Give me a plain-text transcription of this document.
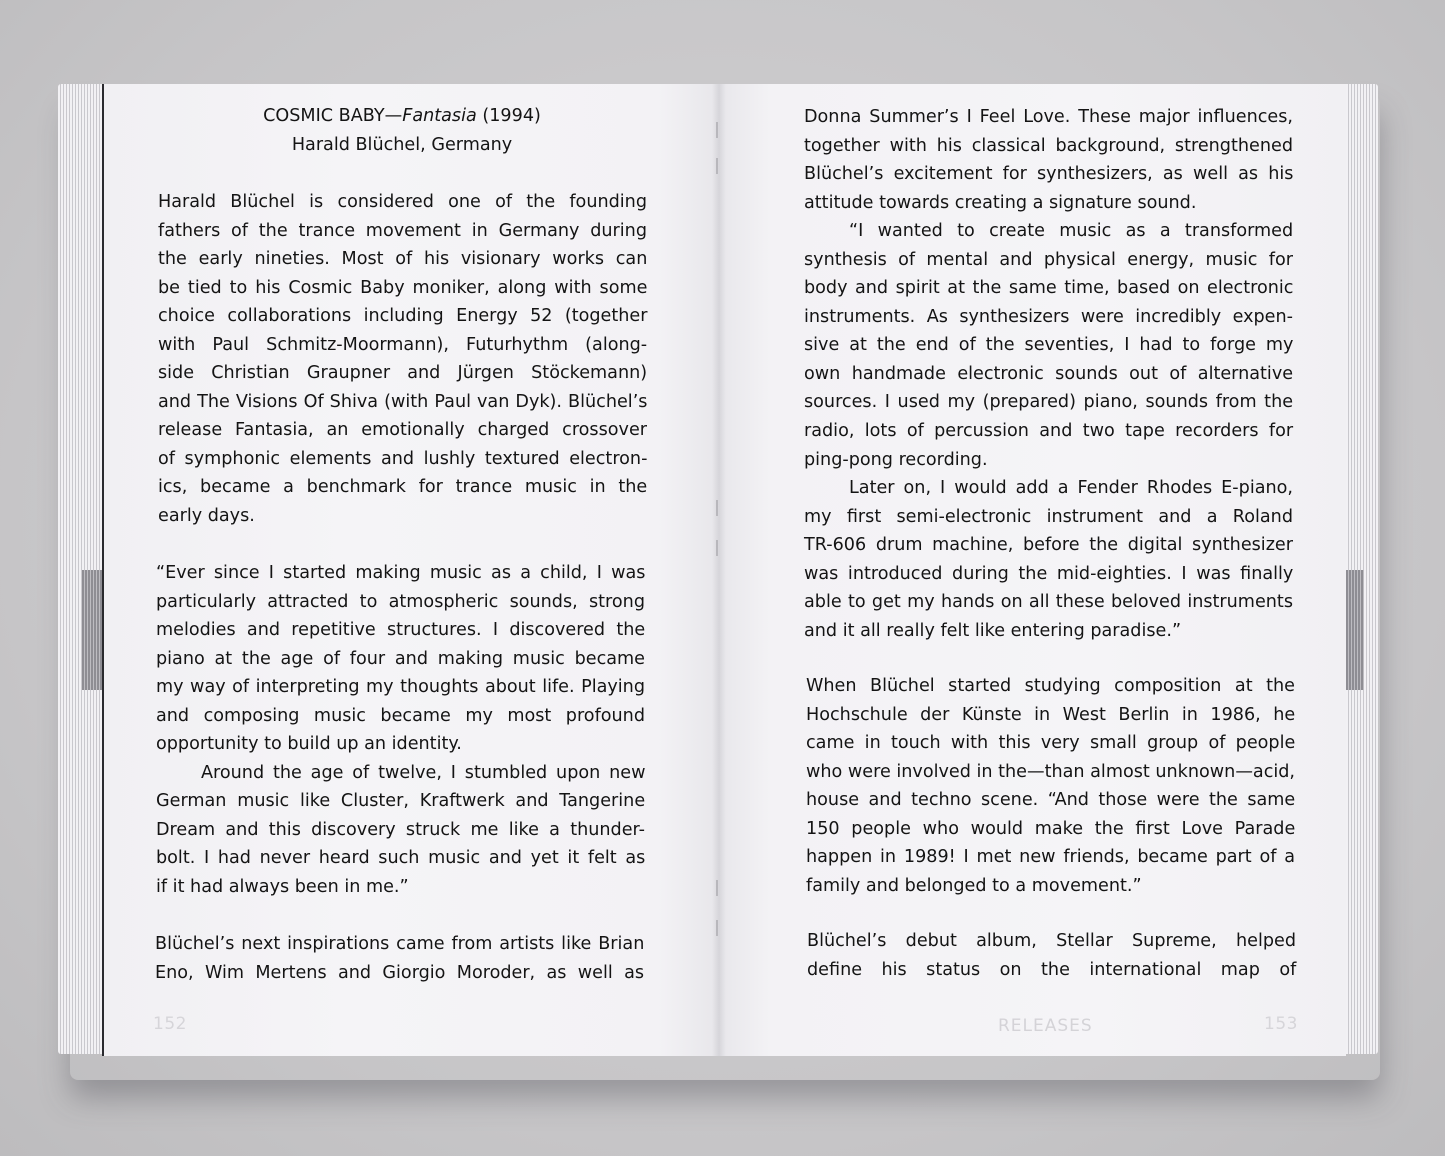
COSMIC BABY—Fantasia (1994)
Harald Blüchel, Germany
Harald Blüchel is considered one of the founding
fathers of the trance movement in Germany during
the early nineties. Most of his visionary works can
be tied to his Cosmic Baby moniker, along with some
choice collaborations including Energy 52 (together
with Paul Schmitz-Moormann), Futurhythm (along-
side Christian Graupner and Jürgen Stöckemann)
and The Visions Of Shiva (with Paul van Dyk). Blüchel’s
release Fantasia, an emotionally charged crossover
of symphonic elements and lushly textured electron-
ics, became a benchmark for trance music in the
early days.
“Ever since I started making music as a child, I was
particularly attracted to atmospheric sounds, strong
melodies and repetitive structures. I discovered the
piano at the age of four and making music became
my way of interpreting my thoughts about life. Playing
and composing music became my most profound
opportunity to build up an identity.
Around the age of twelve, I stumbled upon new
German music like Cluster, Kraftwerk and Tangerine
Dream and this discovery struck me like a thunder-
bolt. I had never heard such music and yet it felt as
if it had always been in me.”
Blüchel’s next inspirations came from artists like Brian
Eno, Wim Mertens and Giorgio Moroder, as well as
152
Donna Summer’s I Feel Love. These major influences,
together with his classical background, strengthened
Blüchel’s excitement for synthesizers, as well as his
attitude towards creating a signature sound.
“I wanted to create music as a transformed
synthesis of mental and physical energy, music for
body and spirit at the same time, based on electronic
instruments. As synthesizers were incredibly expen-
sive at the end of the seventies, I had to forge my
own handmade electronic sounds out of alternative
sources. I used my (prepared) piano, sounds from the
radio, lots of percussion and two tape recorders for
ping-pong recording.
Later on, I would add a Fender Rhodes E-piano,
my first semi-electronic instrument and a Roland
TR-606 drum machine, before the digital synthesizer
was introduced during the mid-eighties. I was finally
able to get my hands on all these beloved instruments
and it all really felt like entering paradise.”
When Blüchel started studying composition at the
Hochschule der Künste in West Berlin in 1986, he
came in touch with this very small group of people
who were involved in the—than almost unknown—acid,
house and techno scene. “And those were the same
150 people who would make the first Love Parade
happen in 1989! I met new friends, became part of a
family and belonged to a movement.”
Blüchel’s debut album, Stellar Supreme, helped
define his status on the international map of
RELEASES	153
